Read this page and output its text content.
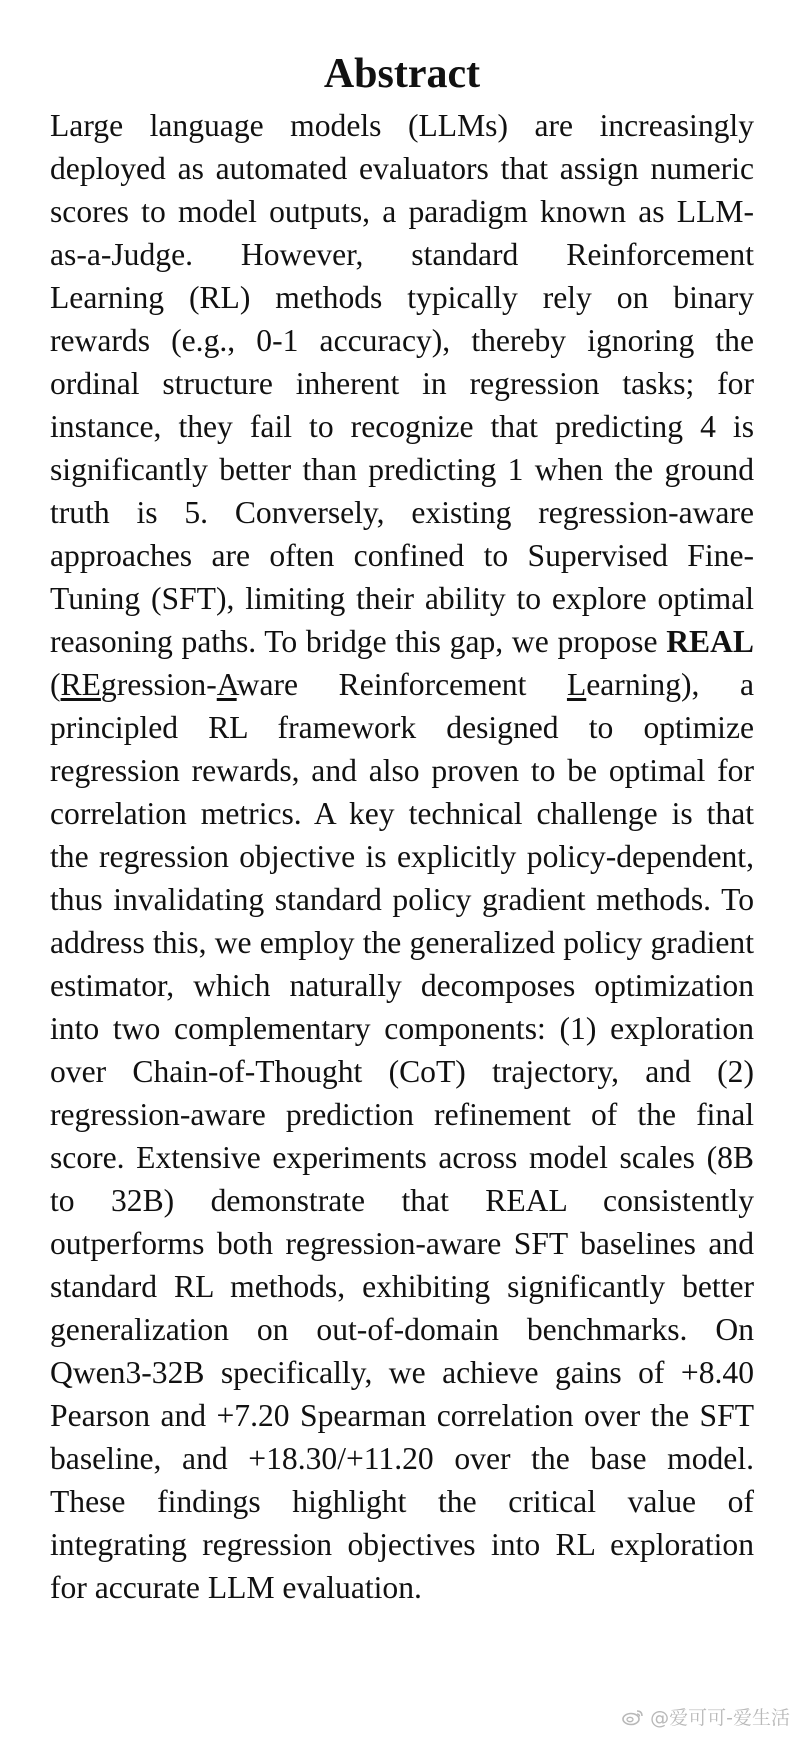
Abstract

Large language models (LLMs) are increasingly deployed as automated evaluators that assign numeric scores to model outputs, a paradigm known as LLM-as-a-Judge. However, standard Reinforcement Learning (RL) methods typically rely on binary rewards (e.g., 0-1 accuracy), thereby ignoring the ordinal structure inherent in regression tasks; for instance, they fail to recognize that predicting 4 is significantly better than predicting 1 when the ground truth is 5. Conversely, existing regression-aware approaches are often confined to Supervised Fine-Tuning (SFT), limiting their ability to explore optimal reasoning paths. To bridge this gap, we propose REAL (REgression-Aware Reinforcement Learning), a principled RL framework designed to optimize regression rewards, and also proven to be optimal for correlation metrics. A key technical challenge is that the regression objective is explicitly policy-dependent, thus invalidating standard policy gradient methods. To address this, we employ the generalized policy gradient estimator, which naturally decomposes optimization into two complementary components: (1) exploration over Chain-of-Thought (CoT) trajectory, and (2) regression-aware prediction refinement of the final score. Extensive experiments across model scales (8B to 32B) demonstrate that REAL consistently outperforms both regression-aware SFT baselines and standard RL methods, exhibiting significantly better generalization on out-of-domain benchmarks. On Qwen3-32B specifically, we achieve gains of +8.40 Pearson and +7.20 Spearman correlation over the SFT baseline, and +18.30/+11.20 over the base model. These findings highlight the critical value of integrating regression objectives into RL exploration for accurate LLM evaluation.

@爱可可-爱生活
